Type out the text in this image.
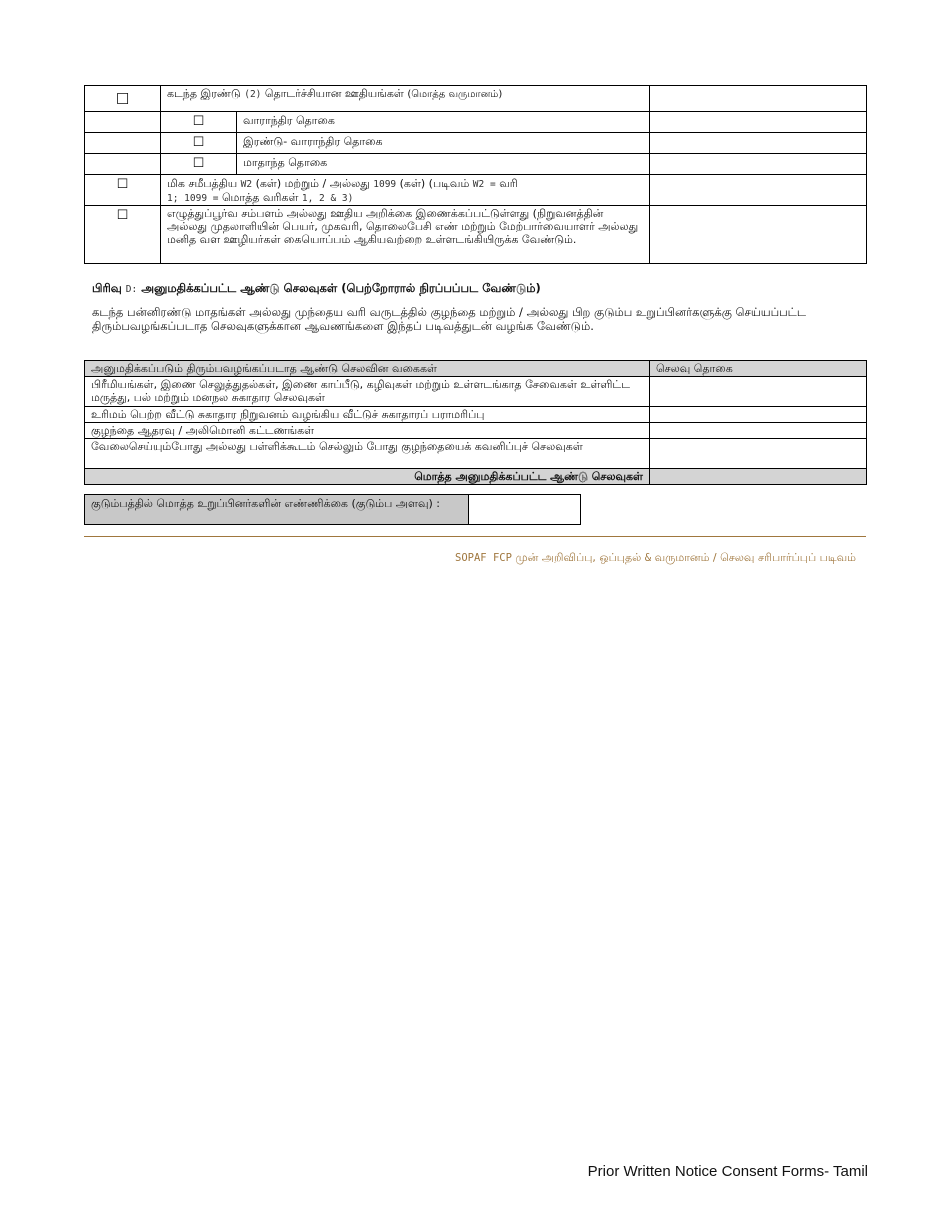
☐	கடந்த இரண்டு (2) தொடர்ச்சியான ஊதியங்கள் (மொத்த வருமானம்)		
	☐	வாராந்திர தொகை	
	☐	இரண்டு- வாராந்திர தொகை	
	☐	மாதாந்த தொகை	
☐	மிக சமீபத்திய W2 (கள்) மற்றும் / அல்லது 1099 (கள்) (படிவம் W2 = வரி
1; 1099 = மொத்த வரிகள் 1, 2 & 3)		
☐	எழுத்துப்பூர்வ சம்பளம் அல்லது ஊதிய அறிக்கை இணைக்கப்பட்டுள்ளது (நிறுவனத்தின் அல்லது முதலாளியின் பெயர், முகவரி, தொலைபேசி எண் மற்றும் மேற்பார்வையாளர் அல்லது மனித வள ஊழியர்கள் கையொப்பம் ஆகியவற்றை உள்ளடங்கியிருக்க வேண்டும்.		
பிரிவு D: அனுமதிக்கப்பட்ட ஆண்டு செலவுகள் (பெற்றோரால் நிரப்பப்பட வேண்டும்)
கடந்த பன்னிரண்டு மாதங்கள் அல்லது முந்தைய வரி வருடத்தில் குழந்தை மற்றும் / அல்லது பிற குடும்ப உறுப்பினர்களுக்கு செய்யப்பட்ட திரும்பவழங்கப்படாத செலவுகளுக்கான ஆவணங்களை இந்தப் படிவத்துடன் வழங்க வேண்டும்.
அனுமதிக்கப்படும் திரும்பவழங்கப்படாத ஆண்டு செலவின வகைகள்	செலவு தொகை
பிரீமியங்கள், இணை செலுத்துதல்கள், இணை காப்பீடு, கழிவுகள் மற்றும் உள்ளடங்காத சேவைகள் உள்ளிட்ட மருத்து, பல் மற்றும் மனநல சுகாதார செலவுகள்	
உரிமம் பெற்ற வீட்டு சுகாதார நிறுவனம் வழங்கிய வீட்டுச் சுகாதாரப் பராமரிப்பு	
குழந்தை ஆதரவு / அலிமொனி கட்டணங்கள்	
வேலைசெய்யும்போது அல்லது பள்ளிக்கூடம் செல்லும் போது குழந்தையைக் கவனிப்புச் செலவுகள்	
மொத்த அனுமதிக்கப்பட்ட ஆண்டு செலவுகள்	
குடும்பத்தில் மொத்த உறுப்பினர்களின் எண்ணிக்கை (குடும்ப அளவு) :	
SOPAF FCP முன் அறிவிப்பு, ஒப்புதல் & வருமானம் / செலவு சரிபார்ப்புப் படிவம்
Prior Written Notice Consent Forms- Tamil
